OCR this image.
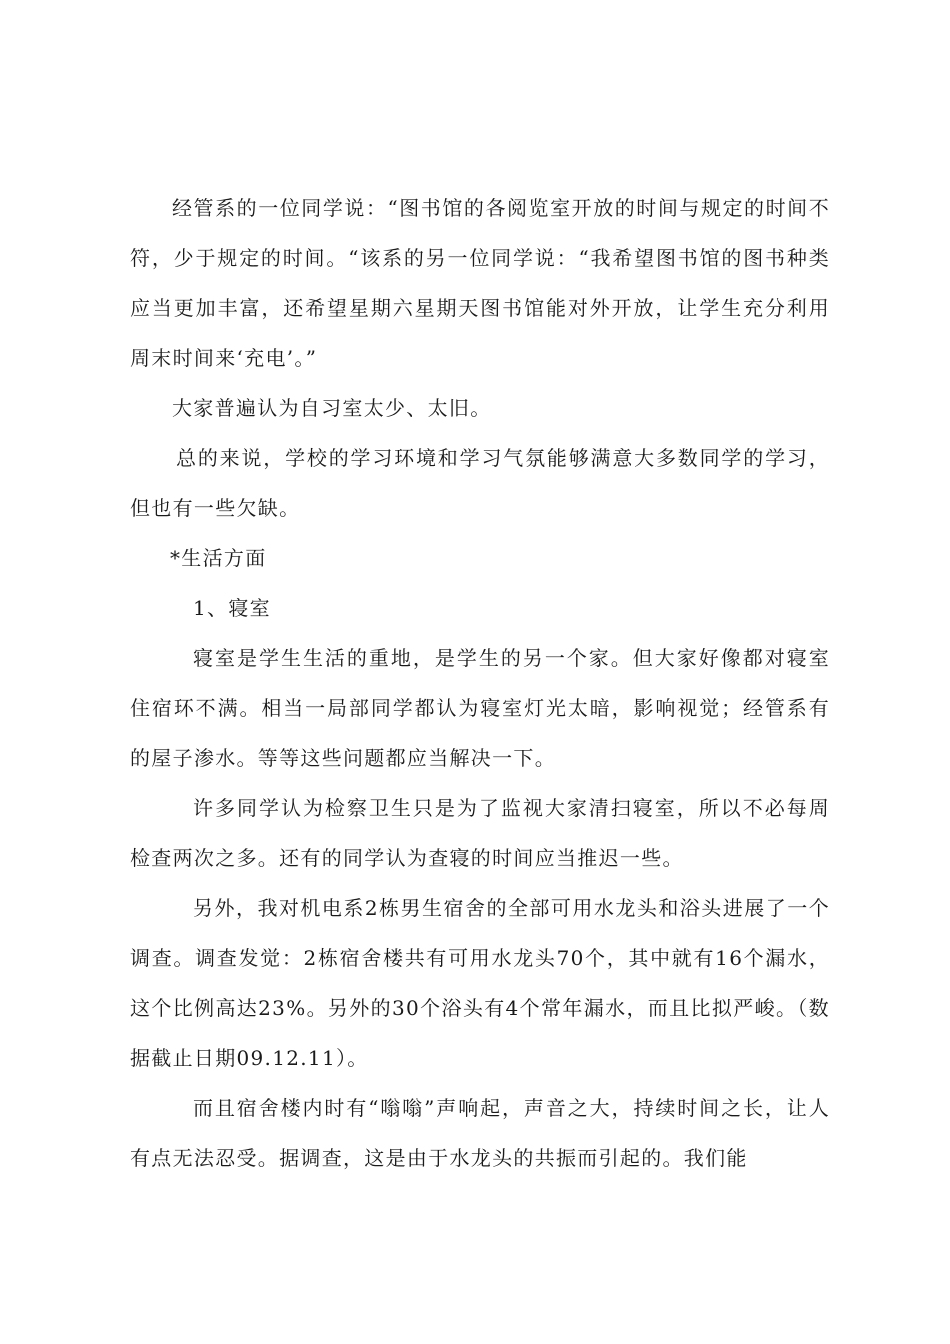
经管系的一位同学说：“图书馆的各阅览室开放的时间与规定的时间不符，少于规定的时间。“该系的另一位同学说：“我希望图书馆的图书种类应当更加丰富，还希望星期六星期天图书馆能对外开放，让学生充分利用周末时间来‘充电’。”

大家普遍认为自习室太少、太旧。

总的来说，学校的学习环境和学习气氛能够满意大多数同学的学习，但也有一些欠缺。

*生活方面

1、寝室

寝室是学生生活的重地，是学生的另一个家。但大家好像都对寝室住宿环不满。相当一局部同学都认为寝室灯光太暗，影响视觉；经管系有的屋子渗水。等等这些问题都应当解决一下。

许多同学认为检察卫生只是为了监视大家清扫寝室，所以不必每周检查两次之多。还有的同学认为查寝的时间应当推迟一些。

另外，我对机电系2栋男生宿舍的全部可用水龙头和浴头进展了一个调查。调查发觉：2栋宿舍楼共有可用水龙头70个，其中就有16个漏水，这个比例高达23%。另外的30个浴头有4个常年漏水，而且比拟严峻。（数据截止日期09.12.11）。

而且宿舍楼内时有“嗡嗡”声响起，声音之大，持续时间之长，让人有点无法忍受。据调查，这是由于水龙头的共振而引起的。我们能
